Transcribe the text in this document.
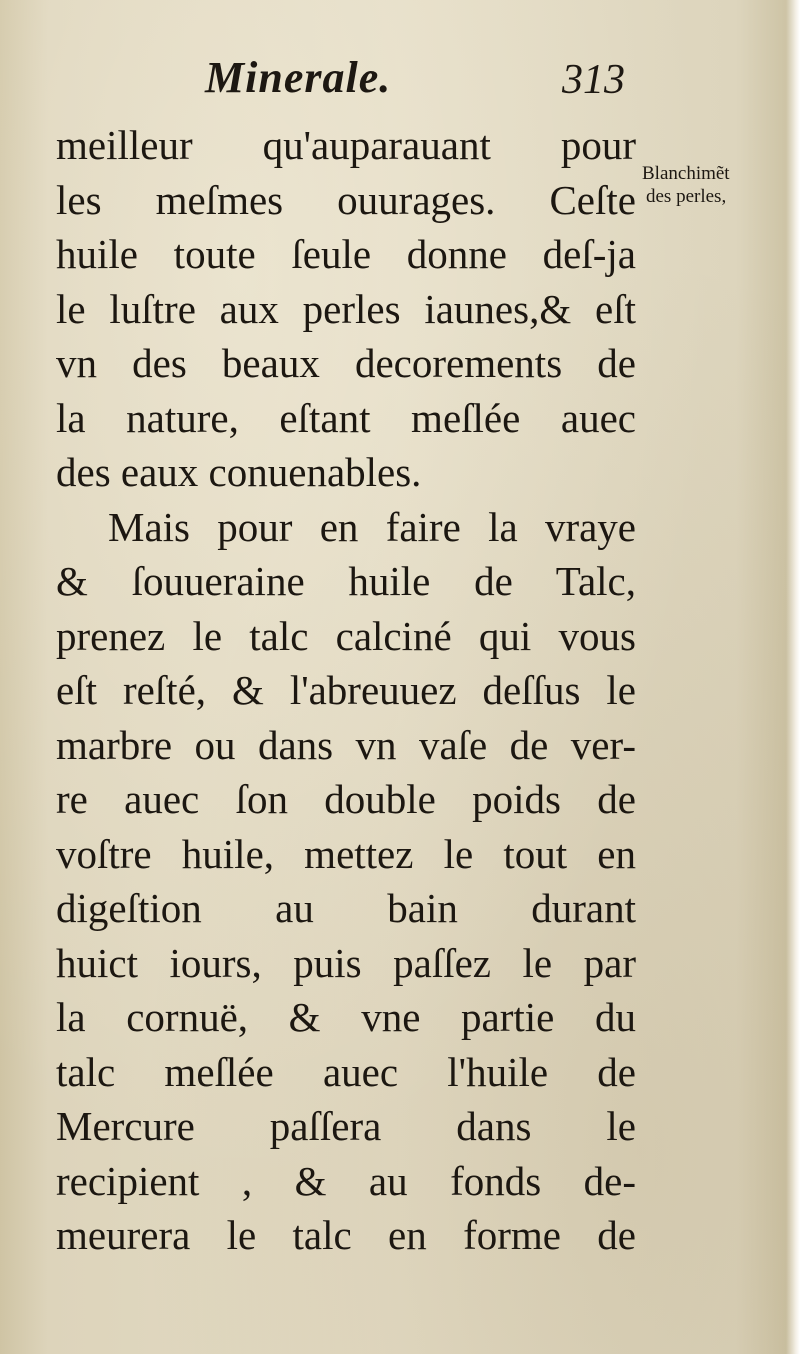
Minerale.	313
Blanchimẽt
des perles,
meilleur qu'auparauant pour
les meſmes ouurages. Ceſte
huile toute ſeule donne deſ-ja
le luſtre aux perles iaunes,& eſt
vn des beaux decorements de
la nature, eſtant meſlée auec
des eaux conuenables.
Mais pour en faire la vraye
& ſouueraine huile de Talc,
prenez le talc calciné qui vous
eſt reſté, & l'abreuuez deſſus le
marbre ou dans vn vaſe de ver-
re auec ſon double poids de
voſtre huile, mettez le tout en
digeſtion au bain durant
huict iours, puis paſſez le par
la cornuë, & vne partie du
talc meſlée auec l'huile de
Mercure paſſera dans le
recipient , & au fonds de-
meurera le talc en forme de
